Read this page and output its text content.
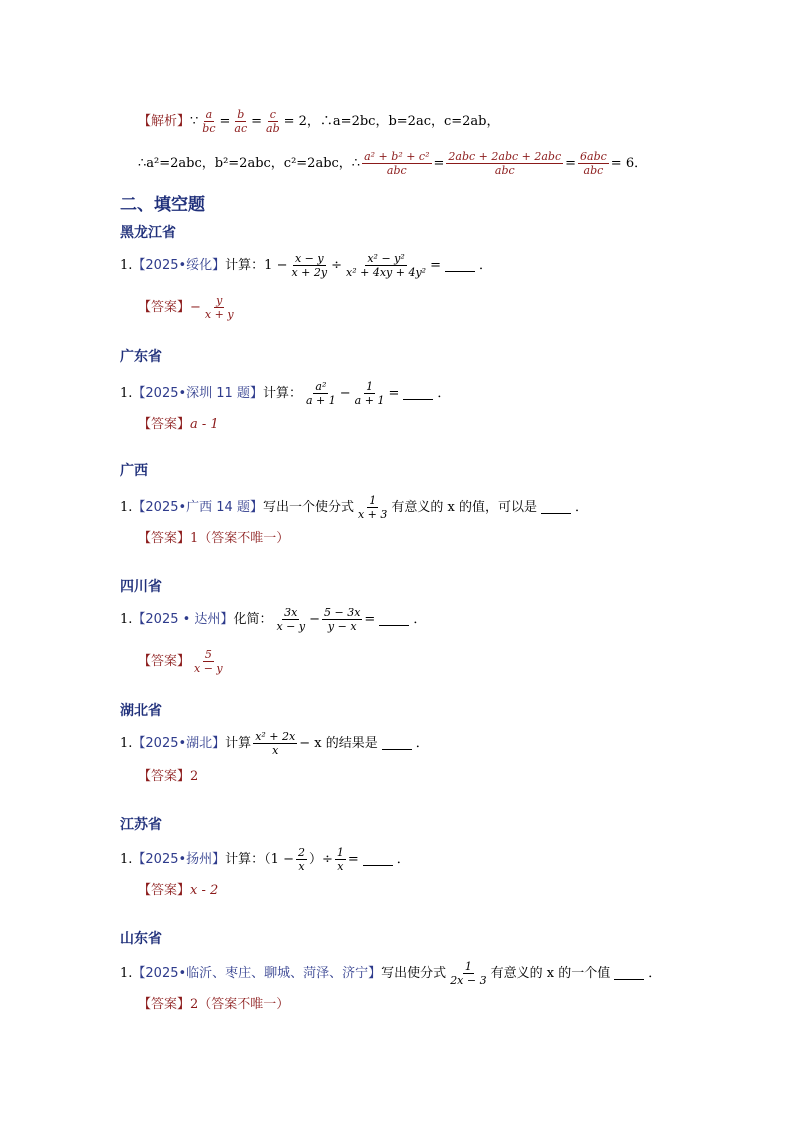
【解析】 ∵ $\frac{a}{bc} = \frac{b}{ac} = \frac{c}{ab} = 2$，∴a=2bc，b=2ac，c=2ab，
∴a²=2abc，b²=2abc，c²=2abc，∴ $\frac{\text{a² + b² + c²}}{\text{abc}} = \frac{\text{2abc + 2abc + 2abc}}{\text{abc}} = \frac{\text{6abc}}{\text{abc}} = 6$．
二、填空题
黑龙江省
1. 【2025•绥化】 计算：$1 - \frac{x - y}{x + 2y} \div \frac{\text{x² − y²}}{\text{x² + 4xy + 4y²}}$ =	．
【答案】 − $\frac{y}{x + y}$
广东省
1. 【2025•深圳 11 题】 计算： $\frac{\text{a²}}{a + 1} - \frac{1}{a + 1}$ =	．
【答案】 a - 1
广西
1. 【2025•广西 14 题】 写出一个使分式 $\frac{1}{x + 3}$ 有意义的 x 的值，可以是	．
【答案】 1（答案不唯一）
四川省
1. 【2025 • 达州】 化简： $\frac{3x}{x - y} - \frac{5 - 3x}{y - x}$ =	．
【答案】 $\frac{5}{x - y}$
湖北省
1. 【2025•湖北】 计算 $\frac{\text{x² + 2x}}{x} - x$ 的结果是	．
【答案】 2
江苏省
1. 【2025•扬州】 计算：（$1 - \frac{2}{x}$ ）÷ $\frac{1}{x}$ =	．
【答案】 x - 2
山东省
1. 【2025•临沂、枣庄、聊城、菏泽、济宁】 写出使分式 $\frac{1}{2x - 3}$ 有意义的 x 的一个值	．
【答案】 2（答案不唯一）
